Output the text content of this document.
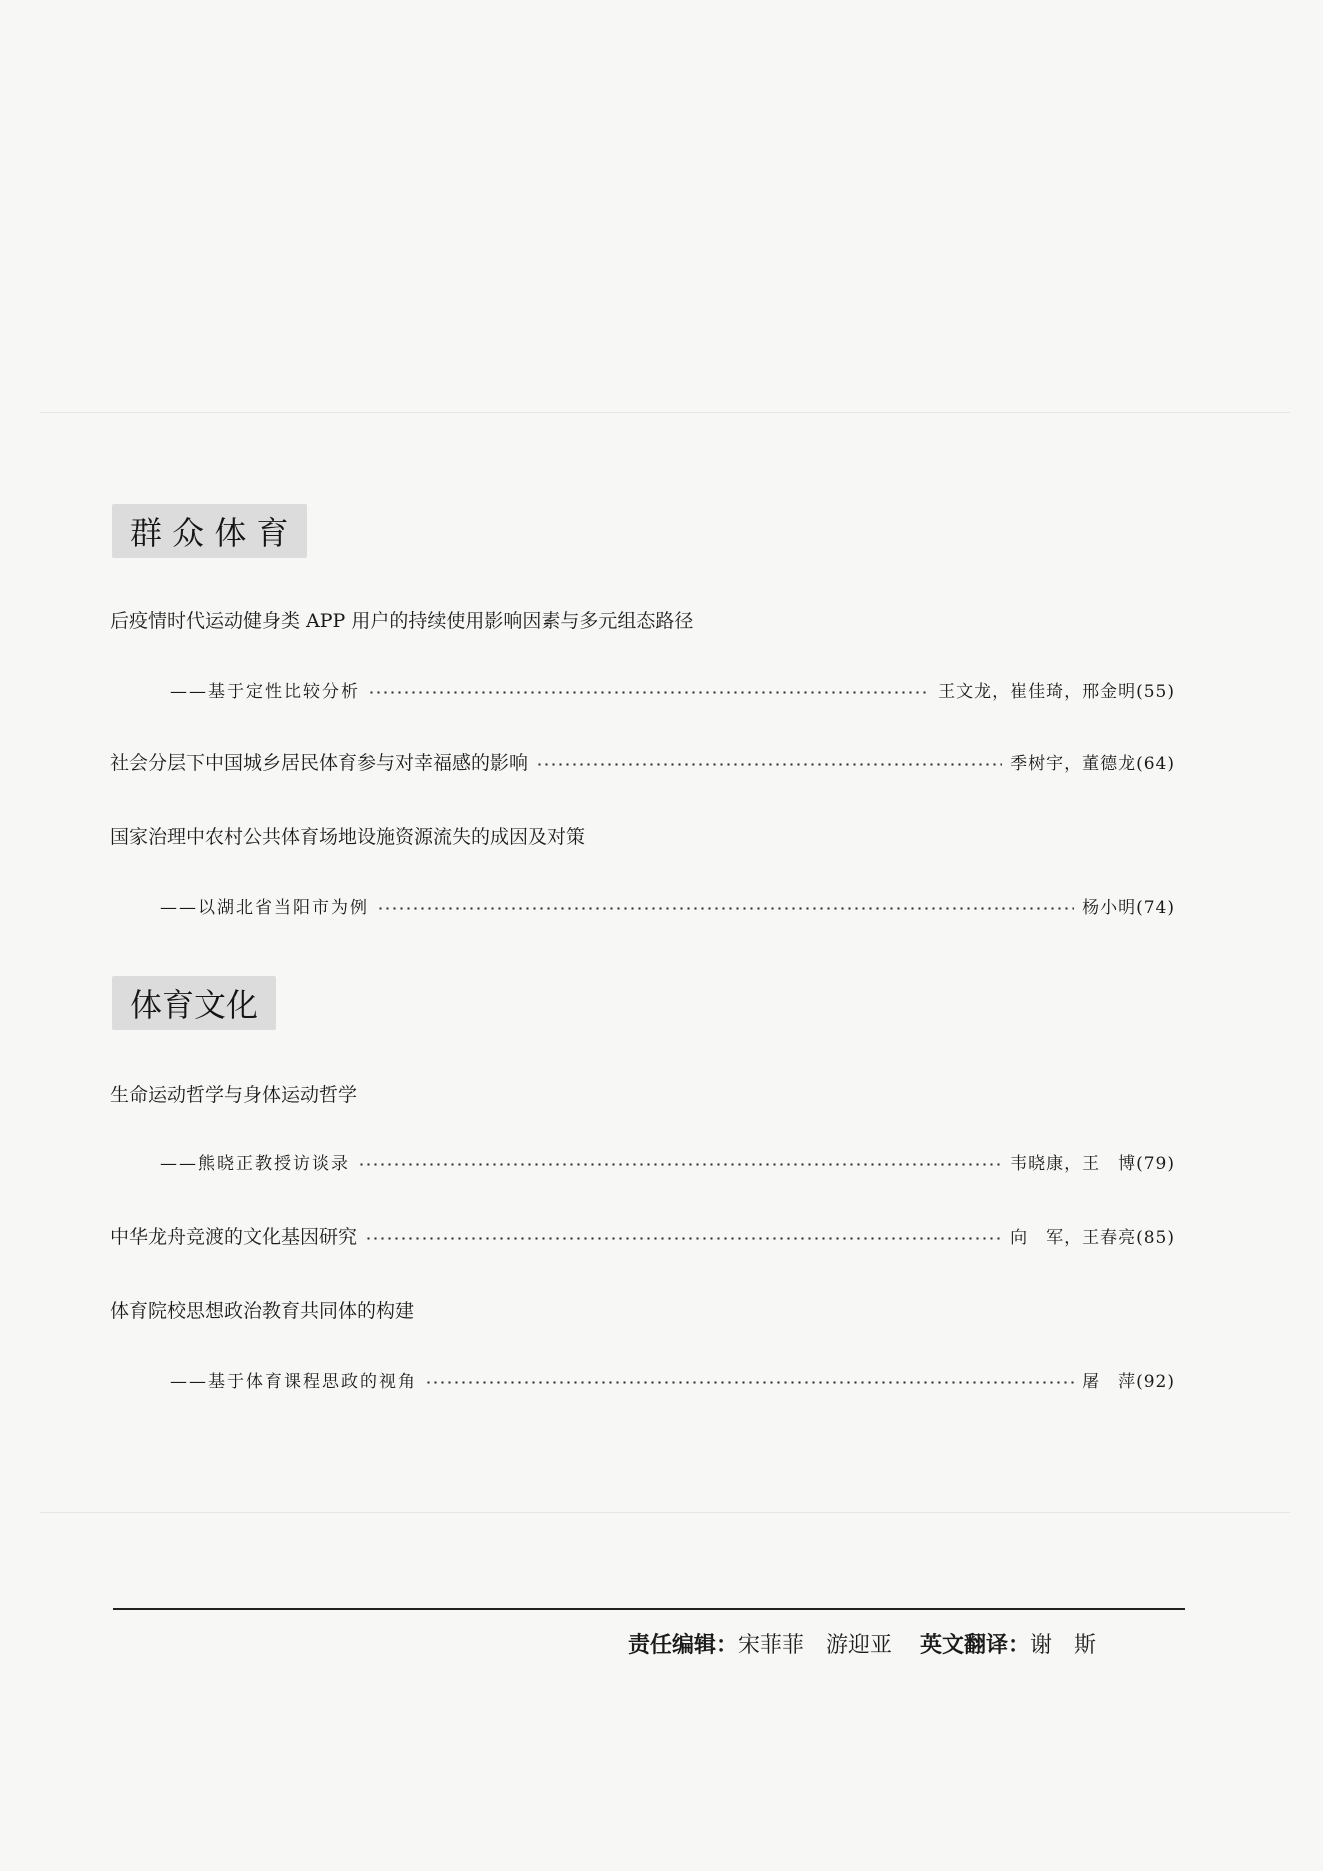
群 众 体 育
后疫情时代运动健身类 APP 用户的持续使用影响因素与多元组态路径
——基于定性比较分析	王文龙，崔佳琦，邢金明(55)
社会分层下中国城乡居民体育参与对幸福感的影响	季树宇，董德龙(64)
国家治理中农村公共体育场地设施资源流失的成因及对策
——以湖北省当阳市为例	杨小明(74)
体育文化
生命运动哲学与身体运动哲学
——熊晓正教授访谈录	韦晓康，王　博(79)
中华龙舟竞渡的文化基因研究	向　军，王春亮(85)
体育院校思想政治教育共同体的构建
——基于体育课程思政的视角	屠　萍(92)
责任编辑：宋菲菲　游迎亚 英文翻译：谢　斯
